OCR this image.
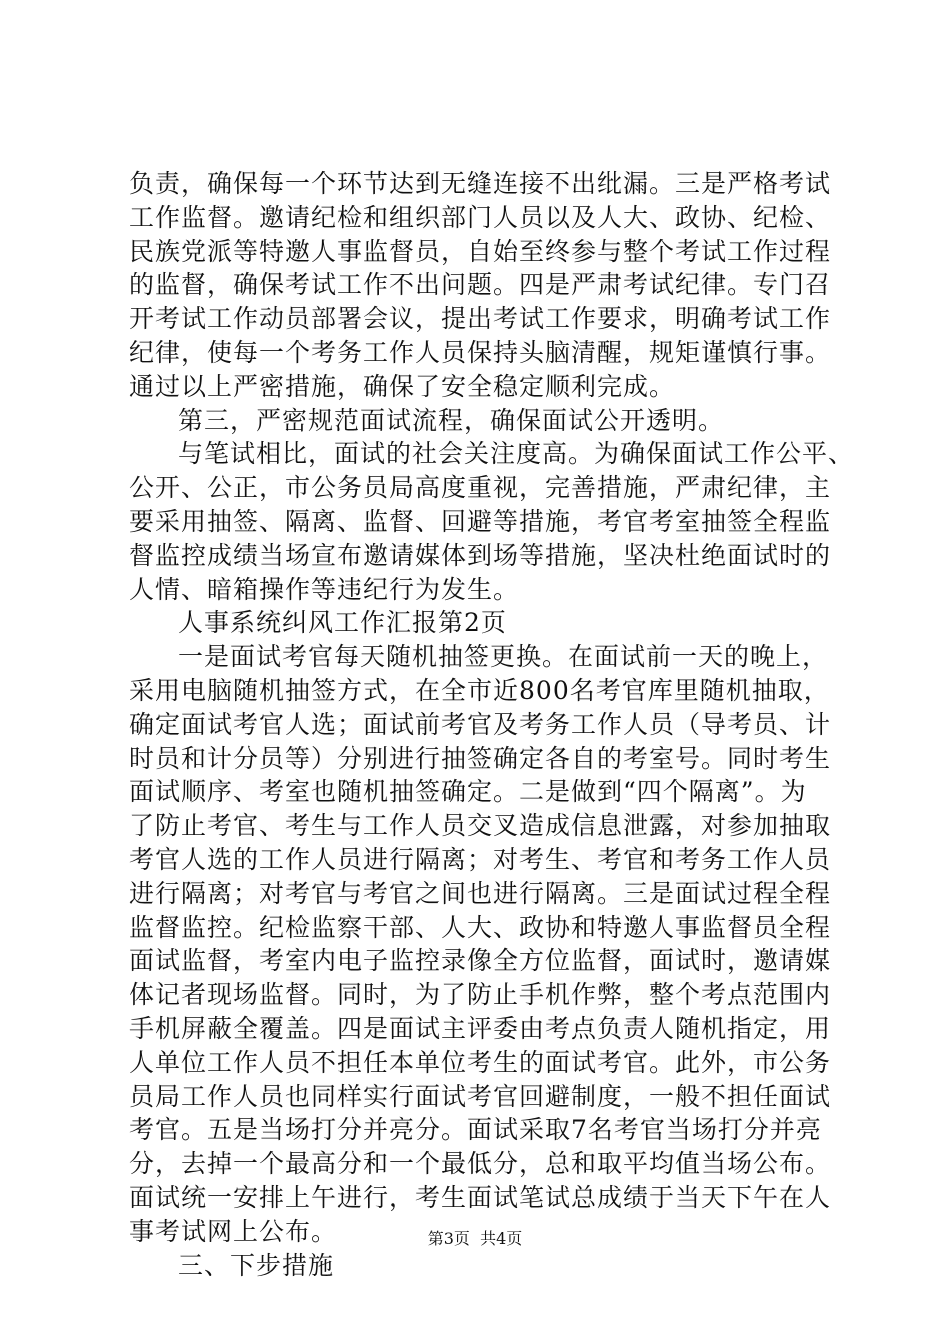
负责，确保每一个环节达到无缝连接不出纰漏。三是严格考试
工作监督。邀请纪检和组织部门人员以及人大、政协、纪检、
民族党派等特邀人事监督员，自始至终参与整个考试工作过程
的监督，确保考试工作不出问题。四是严肃考试纪律。专门召
开考试工作动员部署会议，提出考试工作要求，明确考试工作
纪律，使每一个考务工作人员保持头脑清醒，规矩谨慎行事。
通过以上严密措施，确保了安全稳定顺利完成。
第三，严密规范面试流程，确保面试公开透明。
与笔试相比，面试的社会关注度高。为确保面试工作公平、
公开、公正，市公务员局高度重视，完善措施，严肃纪律，主
要采用抽签、隔离、监督、回避等措施，考官考室抽签全程监
督监控成绩当场宣布邀请媒体到场等措施，坚决杜绝面试时的
人情、暗箱操作等违纪行为发生。
人事系统纠风工作汇报第2页
一是面试考官每天随机抽签更换。在面试前一天的晚上，
采用电脑随机抽签方式，在全市近800名考官库里随机抽取，
确定面试考官人选；面试前考官及考务工作人员（导考员、计
时员和计分员等）分别进行抽签确定各自的考室号。同时考生
面试顺序、考室也随机抽签确定。二是做到“四个隔离”。为
了防止考官、考生与工作人员交叉造成信息泄露，对参加抽取
考官人选的工作人员进行隔离；对考生、考官和考务工作人员
进行隔离；对考官与考官之间也进行隔离。三是面试过程全程
监督监控。纪检监察干部、人大、政协和特邀人事监督员全程
面试监督，考室内电子监控录像全方位监督，面试时，邀请媒
体记者现场监督。同时，为了防止手机作弊，整个考点范围内
手机屏蔽全覆盖。四是面试主评委由考点负责人随机指定，用
人单位工作人员不担任本单位考生的面试考官。此外，市公务
员局工作人员也同样实行面试考官回避制度，一般不担任面试
考官。五是当场打分并亮分。面试采取7名考官当场打分并亮
分，去掉一个最高分和一个最低分，总和取平均值当场公布。
面试统一安排上午进行，考生面试笔试总成绩于当天下午在人
事考试网上公布。
三、下步措施
第3页 共4页
